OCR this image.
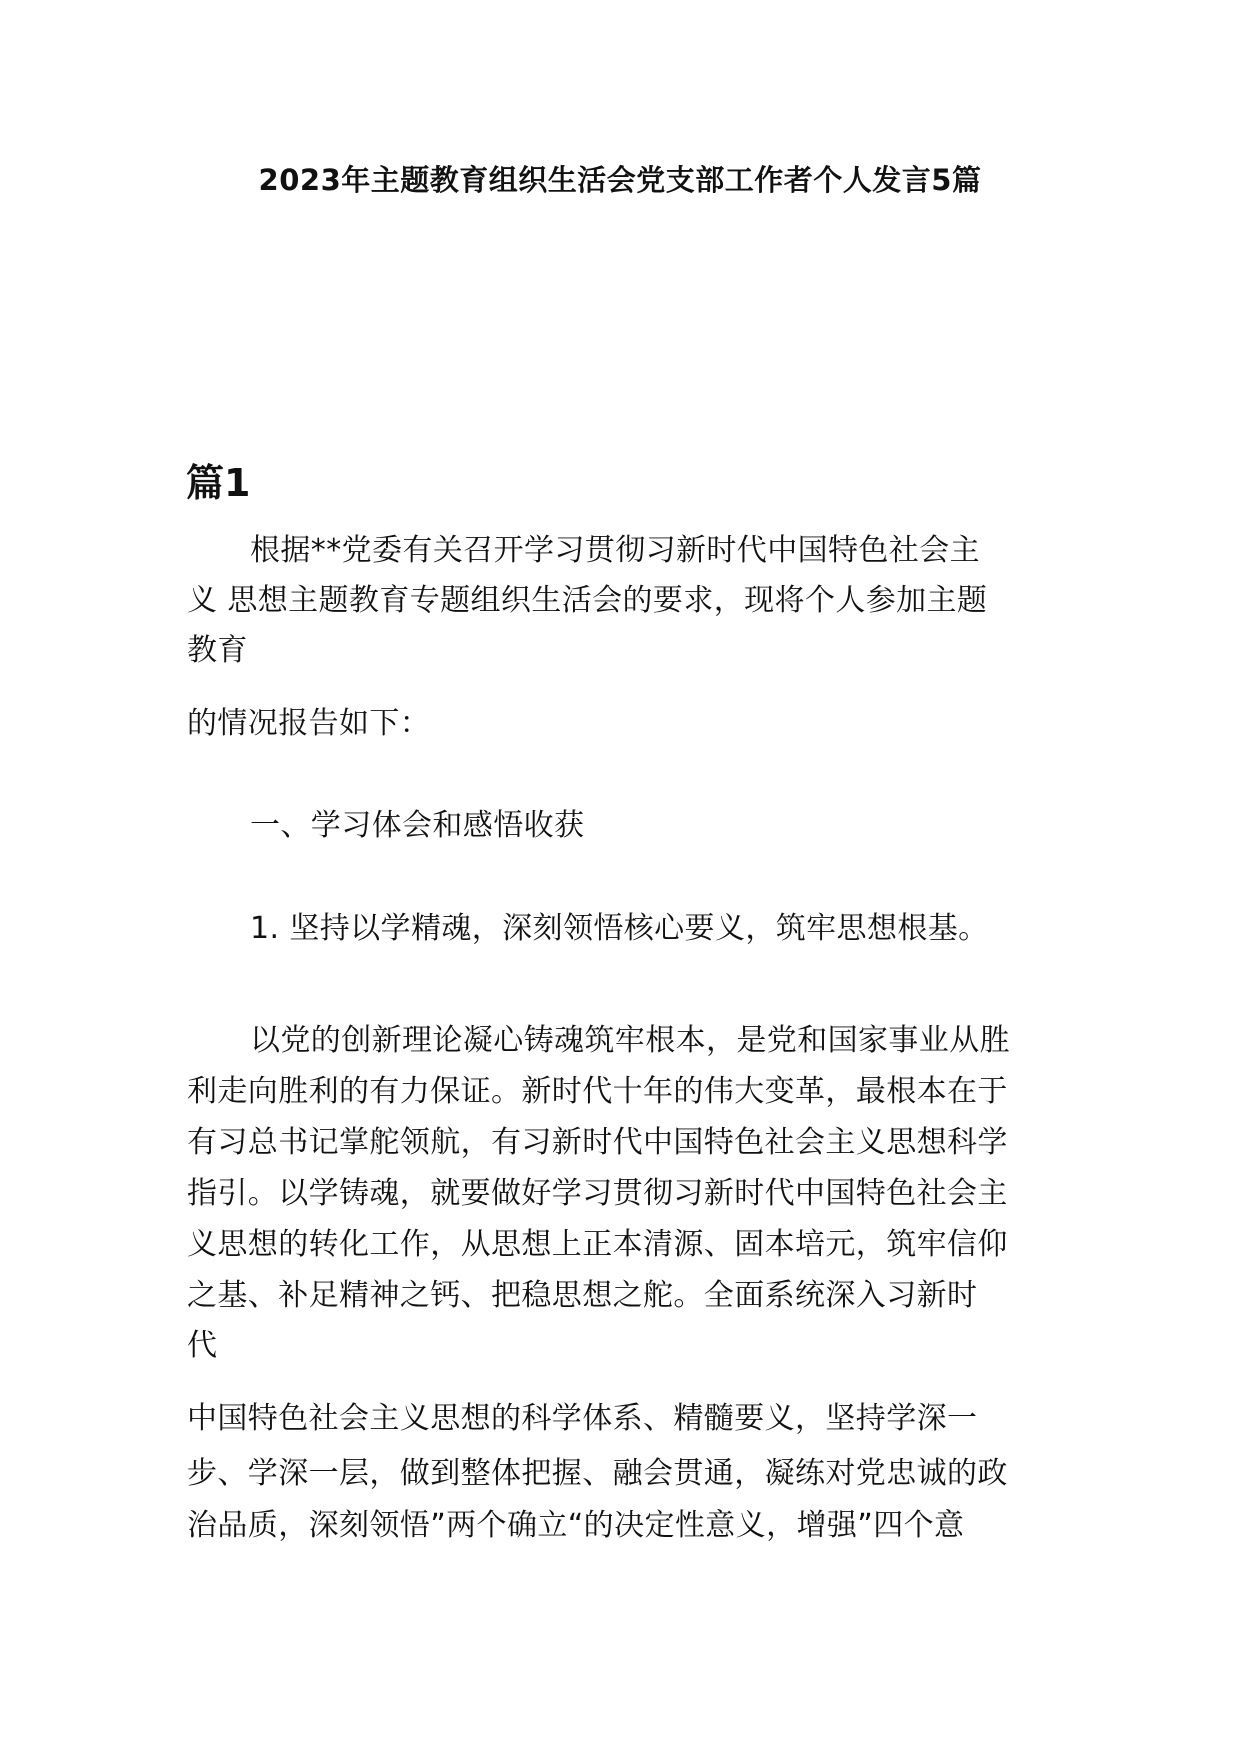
2023年主题教育组织生活会党支部工作者个人发言5篇
篇1
根据**党委有关召开学习贯彻习新时代中国特色社会主
义 思想主题教育专题组织生活会的要求，现将个人参加主题
教育
的情况报告如下：
一、学习体会和感悟收获
1. 坚持以学精魂，深刻领悟核心要义，筑牢思想根基。
以党的创新理论凝心铸魂筑牢根本，是党和国家事业从胜
利走向胜利的有力保证。新时代十年的伟大变革，最根本在于
有习总书记掌舵领航，有习新时代中国特色社会主义思想科学
指引。以学铸魂，就要做好学习贯彻习新时代中国特色社会主
义思想的转化工作，从思想上正本清源、固本培元，筑牢信仰
之基、补足精神之钙、把稳思想之舵。全面系统深入习新时
代
中国特色社会主义思想的科学体系、精髓要义，坚持学深一
步、学深一层，做到整体把握、融会贯通，凝练对党忠诚的政
治品质，深刻领悟”两个确立“的决定性意义，增强”四个意
